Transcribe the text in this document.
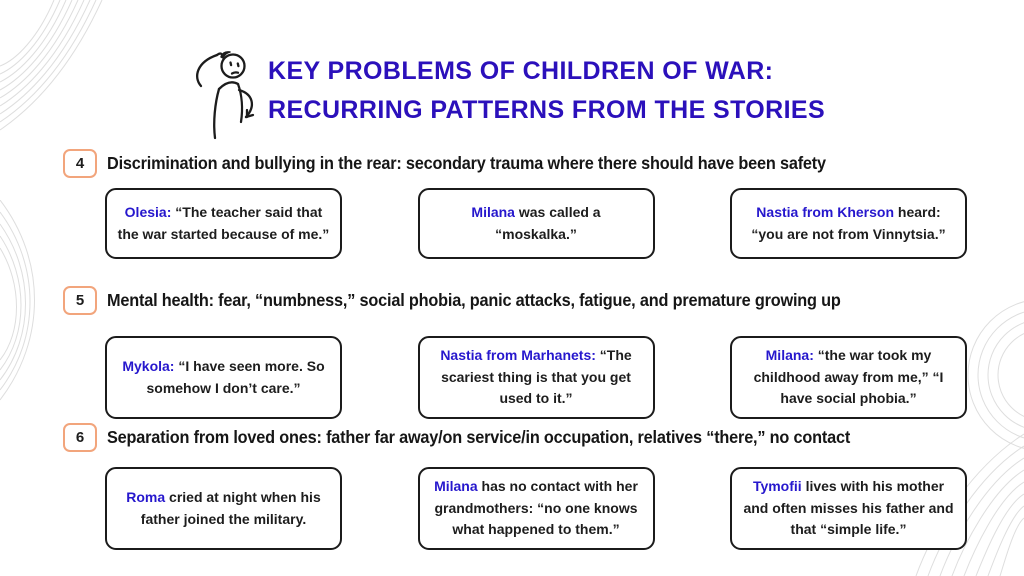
KEY PROBLEMS OF CHILDREN OF WAR:
RECURRING PATTERNS FROM THE STORIES
4	Discrimination and bullying in the rear: secondary trauma where there should have been safety
Olesia: “The teacher said that the war started because of me.”
Milana was called a “moskalka.”
Nastia from Kherson heard: “you are not from Vinnytsia.”
5	Mental health: fear, “numbness,” social phobia, panic attacks, fatigue, and premature growing up
Mykola: “I have seen more. So somehow I don’t care.”
Nastia from Marhanets: “The scariest thing is that you get used to it.”
Milana: “the war took my childhood away from me,” “I have social phobia.”
6	Separation from loved ones: father far away/on service/in occupation, relatives “there,” no contact
Roma cried at night when his father joined the military.
Milana has no contact with her grandmothers: “no one knows what happened to them.”
Tymofii lives with his mother and often misses his father and that “simple life.”
